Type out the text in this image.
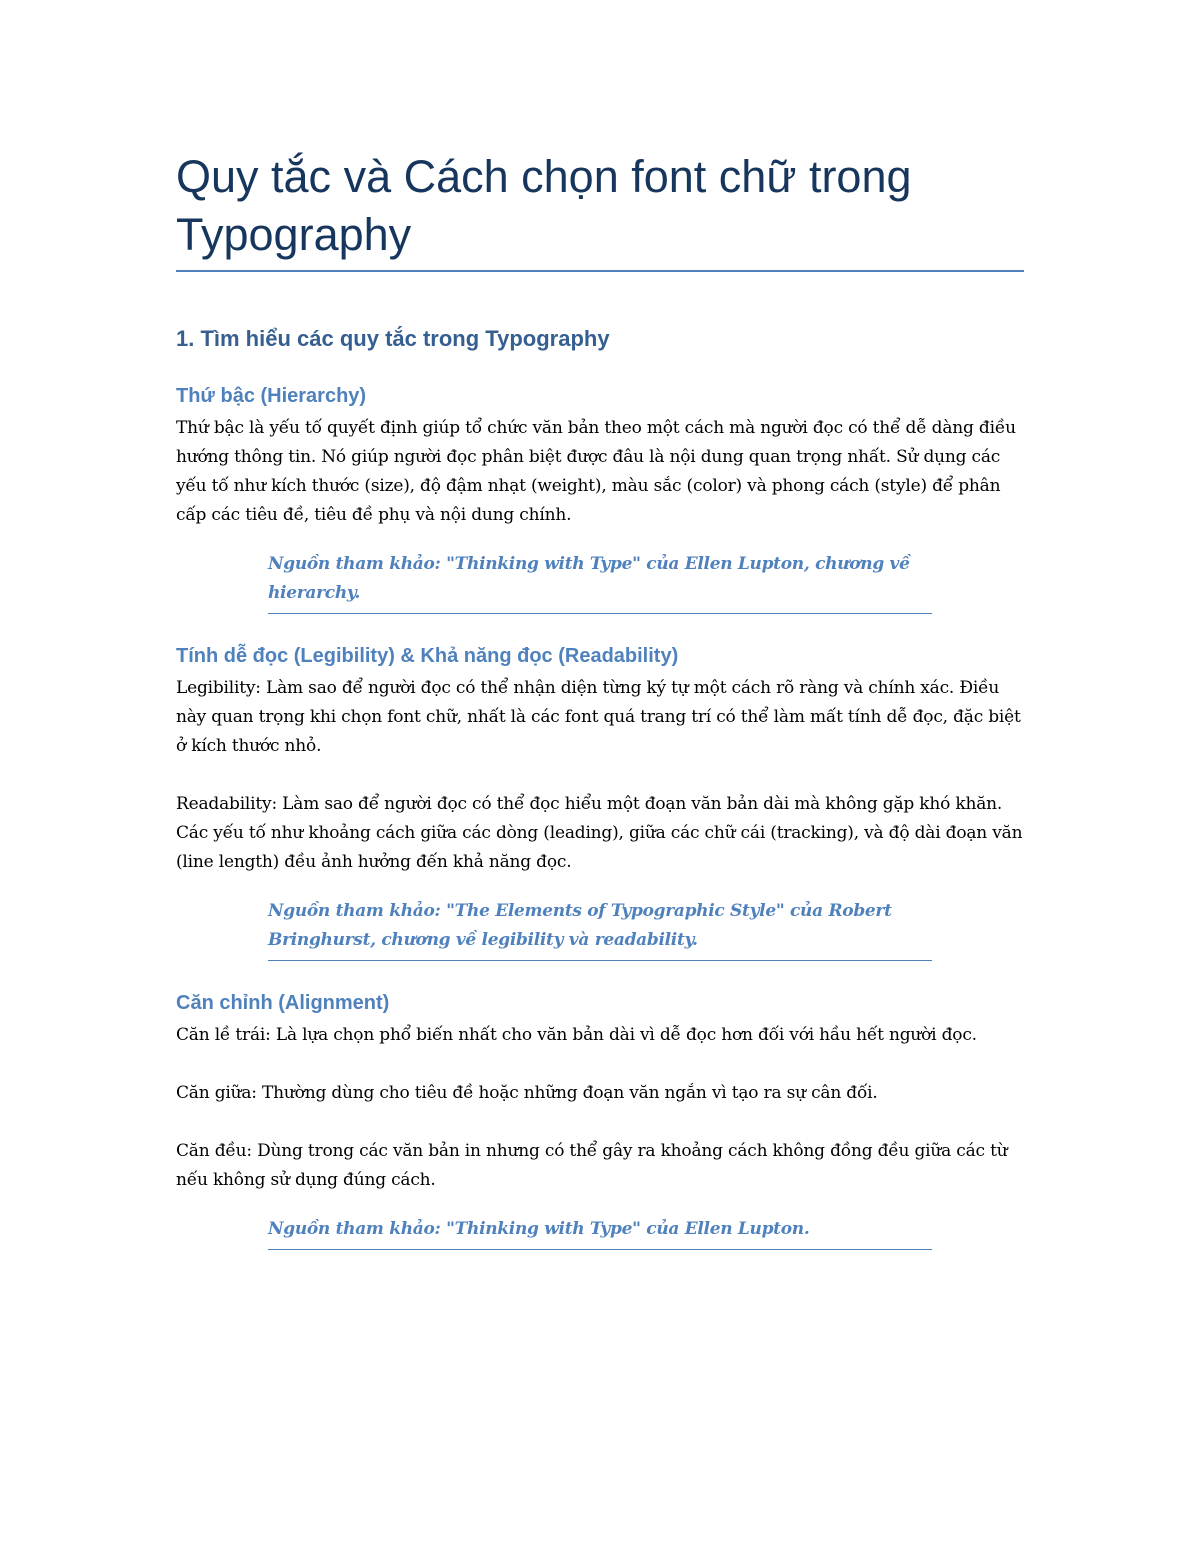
Quy tắc và Cách chọn font chữ trong Typography
1. Tìm hiểu các quy tắc trong Typography
Thứ bậc (Hierarchy)

Thứ bậc là yếu tố quyết định giúp tổ chức văn bản theo một cách mà người đọc có thể dễ dàng điều hướng thông tin. Nó giúp người đọc phân biệt được đâu là nội dung quan trọng nhất. Sử dụng các yếu tố như kích thước (size), độ đậm nhạt (weight), màu sắc (color) và phong cách (style) để phân cấp các tiêu đề, tiêu đề phụ và nội dung chính.

Nguồn tham khảo: "Thinking with Type" của Ellen Lupton, chương về hierarchy.
Tính dễ đọc (Legibility) & Khả năng đọc (Readability)

Legibility: Làm sao để người đọc có thể nhận diện từng ký tự một cách rõ ràng và chính xác. Điều này quan trọng khi chọn font chữ, nhất là các font quá trang trí có thể làm mất tính dễ đọc, đặc biệt ở kích thước nhỏ.

Readability: Làm sao để người đọc có thể đọc hiểu một đoạn văn bản dài mà không gặp khó khăn. Các yếu tố như khoảng cách giữa các dòng (leading), giữa các chữ cái (tracking), và độ dài đoạn văn (line length) đều ảnh hưởng đến khả năng đọc.

Nguồn tham khảo: "The Elements of Typographic Style" của Robert Bringhurst, chương về legibility và readability.
Căn chỉnh (Alignment)

Căn lề trái: Là lựa chọn phổ biến nhất cho văn bản dài vì dễ đọc hơn đối với hầu hết người đọc.

Căn giữa: Thường dùng cho tiêu đề hoặc những đoạn văn ngắn vì tạo ra sự cân đối.

Căn đều: Dùng trong các văn bản in nhưng có thể gây ra khoảng cách không đồng đều giữa các từ nếu không sử dụng đúng cách.

Nguồn tham khảo: "Thinking with Type" của Ellen Lupton.
